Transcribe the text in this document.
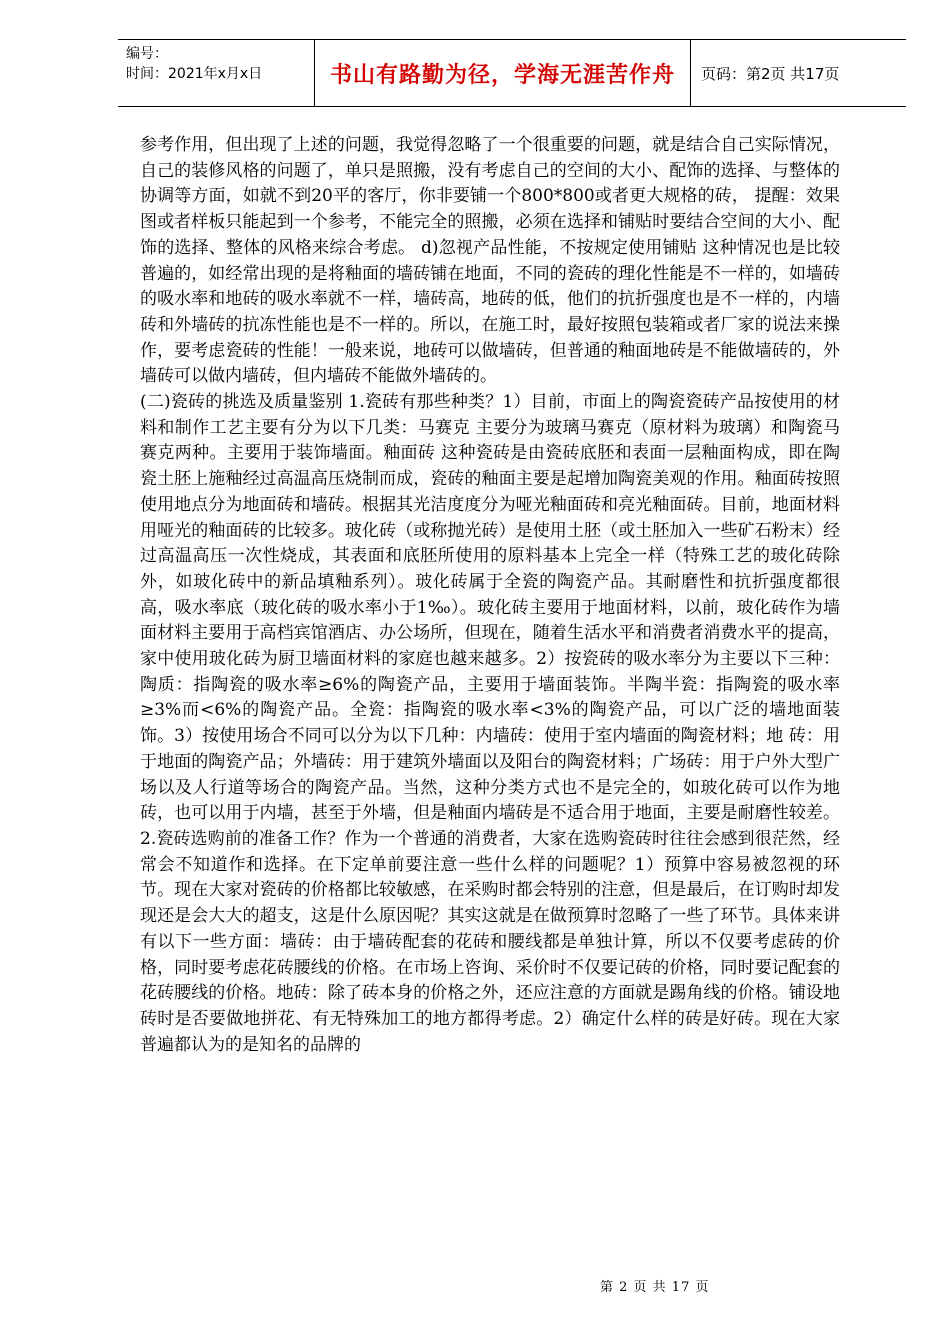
编号：
时间：2021年x月x日	书山有路勤为径，学海无涯苦作舟	页码：第2页 共17页

参考作用，但出现了上述的问题，我觉得忽略了一个很重要的问题，就是结合自己实际情况，自己的装修风格的问题了，单只是照搬，没有考虑自己的空间的大小、配饰的选择、与整体的协调等方面，如就不到20平的客厅，你非要铺一个800*800或者更大规格的砖， 提醒：效果图或者样板只能起到一个参考，不能完全的照搬，必须在选择和铺贴时要结合空间的大小、配饰的选择、整体的风格来综合考虑。 d)忽视产品性能，不按规定使用铺贴 这种情况也是比较普遍的，如经常出现的是将釉面的墙砖铺在地面，不同的瓷砖的理化性能是不一样的，如墙砖的吸水率和地砖的吸水率就不一样，墙砖高，地砖的低，他们的抗折强度也是不一样的，内墙砖和外墙砖的抗冻性能也是不一样的。所以，在施工时，最好按照包装箱或者厂家的说法来操作，要考虑瓷砖的性能！一般来说，地砖可以做墙砖，但普通的釉面地砖是不能做墙砖的，外墙砖可以做内墙砖，但内墙砖不能做外墙砖的。

(二)瓷砖的挑选及质量鉴别 1.瓷砖有那些种类？1）目前，市面上的陶瓷瓷砖产品按使用的材料和制作工艺主要有分为以下几类：马赛克 主要分为玻璃马赛克（原材料为玻璃）和陶瓷马赛克两种。主要用于装饰墙面。釉面砖 这种瓷砖是由瓷砖底胚和表面一层釉面构成，即在陶瓷土胚上施釉经过高温高压烧制而成，瓷砖的釉面主要是起增加陶瓷美观的作用。釉面砖按照使用地点分为地面砖和墙砖。根据其光洁度度分为哑光釉面砖和亮光釉面砖。目前，地面材料用哑光的釉面砖的比较多。玻化砖（或称抛光砖）是使用土胚（或土胚加入一些矿石粉末）经过高温高压一次性烧成，其表面和底胚所使用的原料基本上完全一样（特殊工艺的玻化砖除外，如玻化砖中的新品填釉系列）。玻化砖属于全瓷的陶瓷产品。其耐磨性和抗折强度都很高，吸水率底（玻化砖的吸水率小于1‰）。玻化砖主要用于地面材料，以前，玻化砖作为墙面材料主要用于高档宾馆酒店、办公场所，但现在，随着生活水平和消费者消费水平的提高，家中使用玻化砖为厨卫墙面材料的家庭也越来越多。2）按瓷砖的吸水率分为主要以下三种：陶质：指陶瓷的吸水率≥6%的陶瓷产品，主要用于墙面装饰。半陶半瓷：指陶瓷的吸水率≥3%而<6%的陶瓷产品。全瓷：指陶瓷的吸水率<3%的陶瓷产品，可以广泛的墙地面装饰。3）按使用场合不同可以分为以下几种：内墙砖：使用于室内墙面的陶瓷材料；地 砖：用于地面的陶瓷产品；外墙砖：用于建筑外墙面以及阳台的陶瓷材料；广场砖：用于户外大型广场以及人行道等场合的陶瓷产品。当然，这种分类方式也不是完全的，如玻化砖可以作为地砖，也可以用于内墙，甚至于外墙，但是釉面内墙砖是不适合用于地面，主要是耐磨性较差。2.瓷砖选购前的准备工作？作为一个普通的消费者，大家在选购瓷砖时往往会感到很茫然，经常会不知道作和选择。在下定单前要注意一些什么样的问题呢？1）预算中容易被忽视的环节。现在大家对瓷砖的价格都比较敏感，在采购时都会特别的注意，但是最后，在订购时却发现还是会大大的超支，这是什么原因呢？其实这就是在做预算时忽略了一些了环节。具体来讲有以下一些方面：墙砖：由于墙砖配套的花砖和腰线都是单独计算，所以不仅要考虑砖的价格，同时要考虑花砖腰线的价格。在市场上咨询、采价时不仅要记砖的价格，同时要记配套的花砖腰线的价格。地砖：除了砖本身的价格之外，还应注意的方面就是踢角线的价格。铺设地砖时是否要做地拼花、有无特殊加工的地方都得考虑。2）确定什么样的砖是好砖。现在大家普遍都认为的是知名的品牌的

第 2 页 共 17 页
